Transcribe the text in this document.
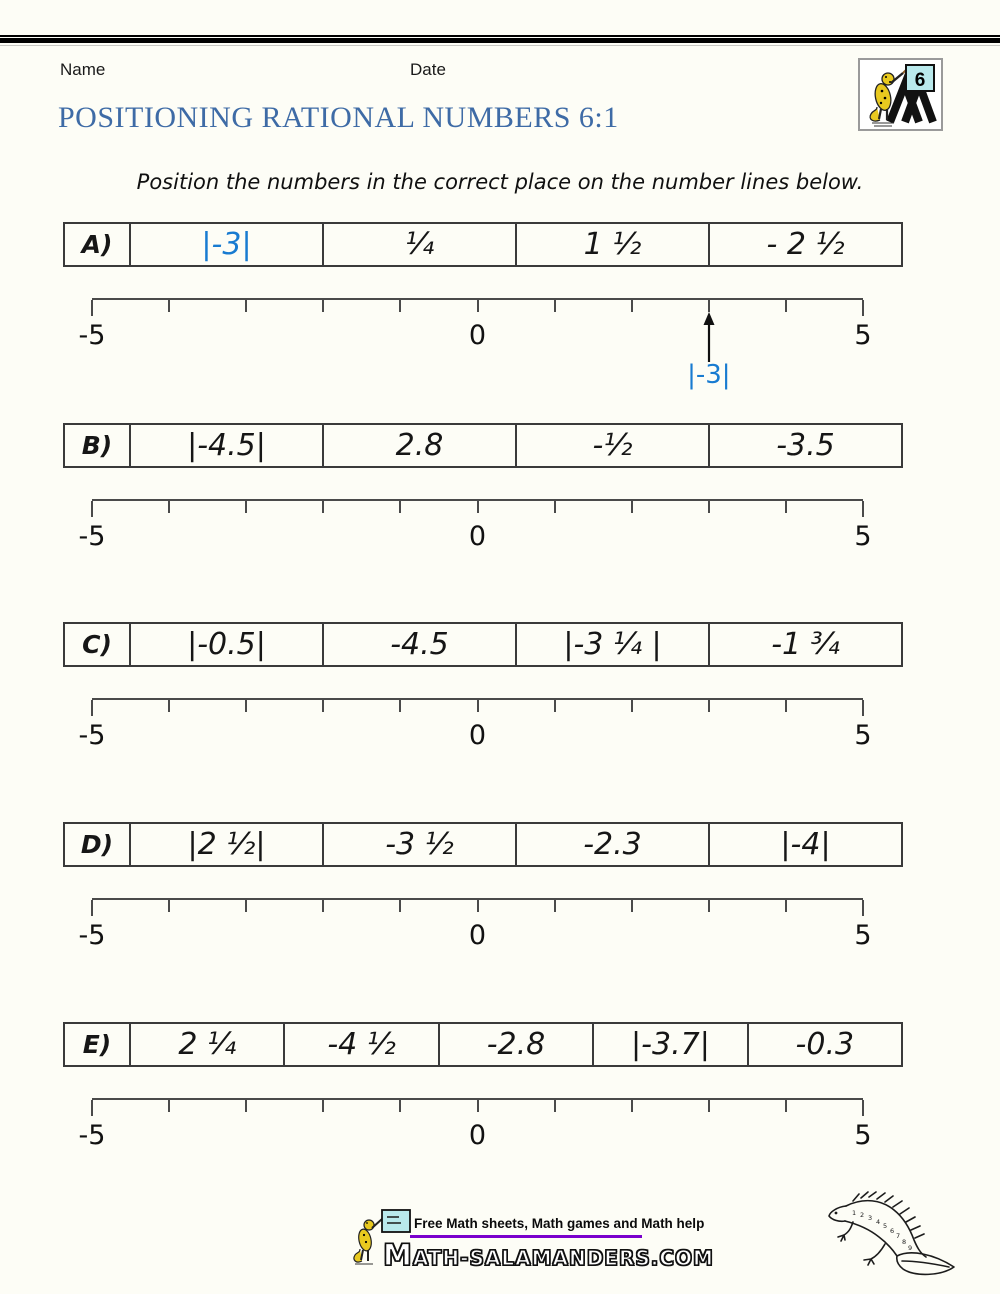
Name	Date
6
POSITIONING RATIONAL NUMBERS 6:1

Position the numbers in the correct place on the number lines below.

A)	|-3|	¼	1 ½	- 2 ½
-5	0	5
|-3|
B)	|-4.5|	2.8	-½	-3.5
-5	0	5
C)	|-0.5|	-4.5	|-3 ¼ |	-1 ¾
-5	0	5
D)	|2 ½|	-3 ½	-2.3	|-4|
-5	0	5
E)	2 ¼	-4 ½	-2.8	|-3.7|	-0.3
-5	0	5
Free Math sheets, Math games and Math help
MATH-SALAMANDERS.COM
1 2 3 4 5
6
7
8
9
